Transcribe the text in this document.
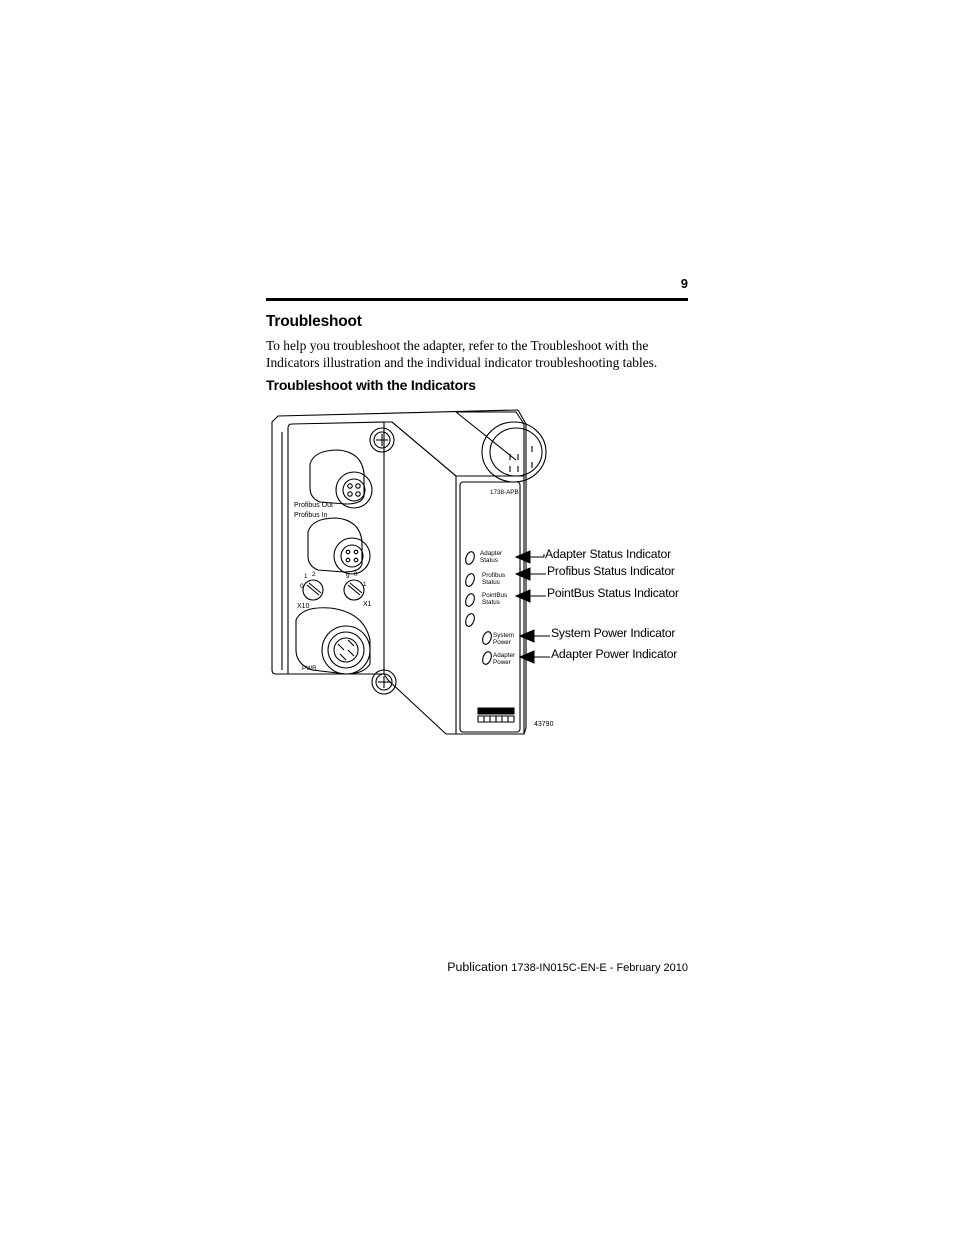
9
Troubleshoot
To help you troubleshoot the adapter, refer to the Troubleshoot with the Indicators illustration and the individual indicator troubleshooting tables.
Troubleshoot with the Indicators
1 2
0
9 0
1
Profibus Out
Profibus In
X10	X1
PWR
1738-APB
Adapter
Status
Profibus
Status
PointBus
Status
System
Power
Adapter
Power
43790
Adapter Status Indicator
Profibus Status Indicator
PointBus Status Indicator
System Power Indicator
Adapter Power Indicator
Publication 1738-IN015C-EN-E - February 2010
